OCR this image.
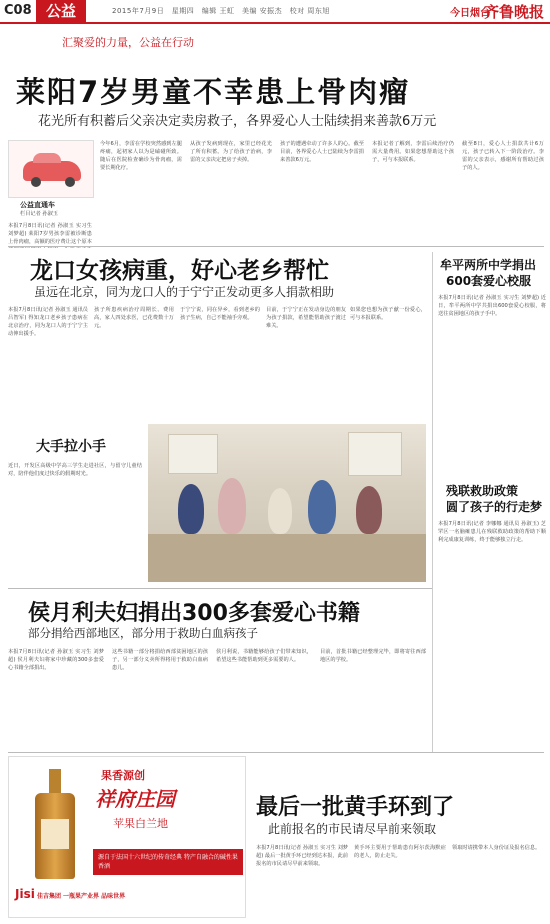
C08 公益	2015年7月9日　星期四　编辑 王虹　美编 安振杰　校对 周东旭	今日烟台
齐鲁晚报
汇聚爱的力量，公益在行动
莱阳7岁男童不幸患上骨肉瘤
花光所有积蓄后父亲决定卖房救子，各界爱心人士陆续捐来善款6万元
公益直通车
栏目记者 孙淑玉
本报7月8日讯(记者 孙淑玉 实习生 刘梦超) 莱阳7岁男孩李雷被诊断患上骨肉瘤，高额的医疗费让这个原本
今年6月，李雷在学校突然感到左腿疼痛，起初家人以为是磕碰所致。随后在医院检查确诊为骨肉瘤，需要长期化疗。
从孩子发病到现在，家里已经花光了所有积蓄。为了给孩子治病，李雷的父亲决定把房子卖掉。
孩子的遭遇牵动了许多人的心。截至目前，各界爱心人士已陆续为李雷捐来善款6万元。
本报记者了解到，李雷后续治疗仍需大量费用。如果您想帮助这个孩子，可与本报联系。
截至8日，爱心人士捐款共计6万元，孩子已转入下一阶段治疗。李雷的父亲表示，感谢所有帮助过孩子的人。
龙口女孩病重，好心老乡帮忙
虽远在北京，同为龙口人的于宁宁正发动更多人捐款相助
本报7月8日讯(记者 孙淑玉 通讯员 吕智军) 得知龙口老乡孩子患病在北京治疗，同为龙口人的于宁宁主动伸出援手。
孩子所患疾病治疗周期长、费用高，家人四处求医，已花费数十万元。
于宁宁说，同在异乡，看到老乡的孩子生病，自己不能袖手旁观。
目前，于宁宁正在发动身边的朋友为孩子捐款，希望能帮助孩子渡过难关。
如果您也想为孩子献一份爱心，可与本报联系。
大手拉小手
近日，开发区高级中学高三学生走进社区，与留守儿童结对，陪伴他们度过快乐的假期时光。
侯月利夫妇捐出300多套爱心书籍
部分捐给西部地区，部分用于救助白血病孩子
本报7月8日讯(记者 孙淑玉 实习生 刘梦超) 侯月利夫妇将家中珍藏的300多套爱心书籍全部捐出。
这些书籍一部分将捐给西部贫困地区的孩子，另一部分义卖所得将用于救助白血病患儿。
侯月利说，书籍能够给孩子们带来知识，希望这些书能帮助到更多需要的人。
目前，首批书籍已经整理完毕，即将寄往西部地区的学校。
牟平两所中学捐出
600套爱心校服
本报7月8日讯(记者 孙淑玉 实习生 刘梦超) 近日，牟平两所中学共捐出600套爱心校服，将送往贫困地区的孩子手中。
残联救助政策
圆了孩子的行走梦
本报7月8日讯(记者 李娜娜 通讯员 孙淑玉) 芝罘区一名脑瘫患儿在残联救助政策的帮助下顺利完成康复训练，终于能够独立行走。
果香源创
祥府庄园
苹果白兰地
源自于法国十六世纪的传奇经典 特产自融合的碱性果香酒
Jisi 佳吉集团 一瓶果产业界 品味世界
最后一批黄手环到了
此前报名的市民请尽早前来领取
本报7月8日讯(记者 孙淑玉 实习生 刘梦超) 最后一批黄手环已经到达本报，此前报名的市民请尽早前来领取。
黄手环主要用于帮助患有阿尔茨海默症的老人，防止走失。
领取时请携带本人身份证及报名信息。
